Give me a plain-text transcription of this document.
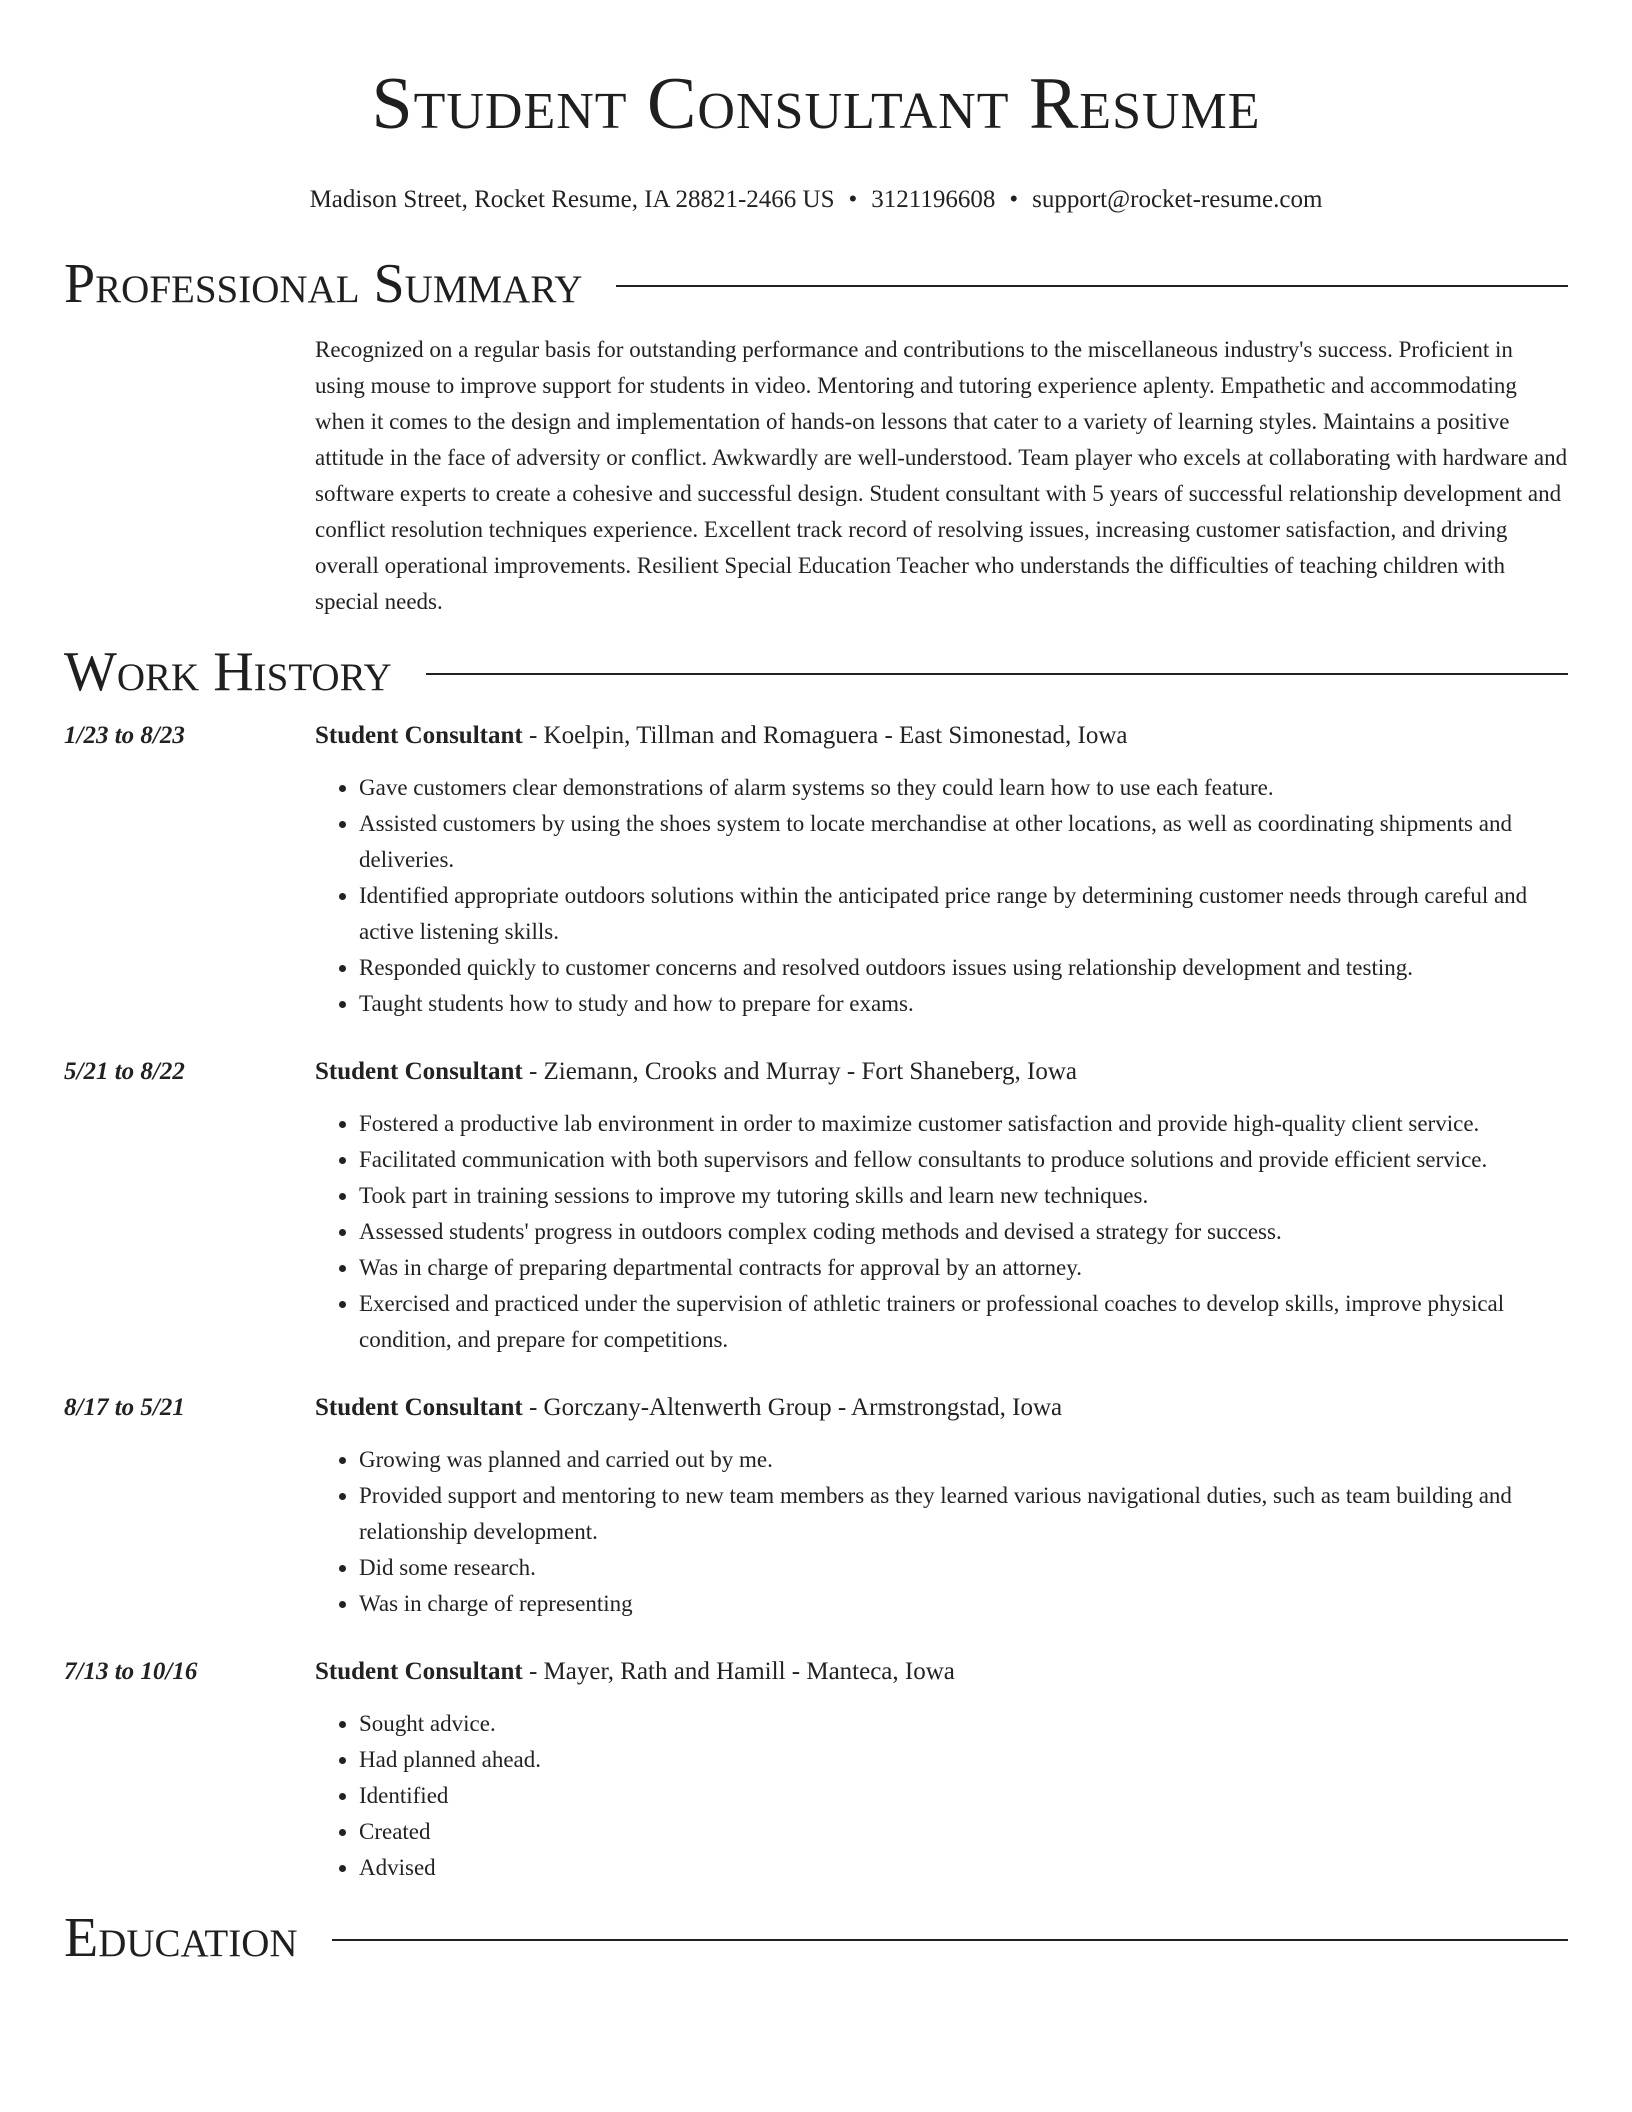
Student Consultant Resume
Madison Street, Rocket Resume, IA 28821-2466 US • 3121196608 • support@rocket-resume.com
Professional Summary
Recognized on a regular basis for outstanding performance and contributions to the miscellaneous industry's success. Proficient in using mouse to improve support for students in video. Mentoring and tutoring experience aplenty. Empathetic and accommodating when it comes to the design and implementation of hands-on lessons that cater to a variety of learning styles. Maintains a positive attitude in the face of adversity or conflict. Awkwardly are well-understood. Team player who excels at collaborating with hardware and software experts to create a cohesive and successful design. Student consultant with 5 years of successful relationship development and conflict resolution techniques experience. Excellent track record of resolving issues, increasing customer satisfaction, and driving overall operational improvements. Resilient Special Education Teacher who understands the difficulties of teaching children with special needs.
Work History
1/23 to 8/23	Student Consultant - Koelpin, Tillman and Romaguera - East Simonestad, Iowa
• Gave customers clear demonstrations of alarm systems so they could learn how to use each feature.
• Assisted customers by using the shoes system to locate merchandise at other locations, as well as coordinating shipments and deliveries.
• Identified appropriate outdoors solutions within the anticipated price range by determining customer needs through careful and active listening skills.
• Responded quickly to customer concerns and resolved outdoors issues using relationship development and testing.
• Taught students how to study and how to prepare for exams.
5/21 to 8/22	Student Consultant - Ziemann, Crooks and Murray - Fort Shaneberg, Iowa
• Fostered a productive lab environment in order to maximize customer satisfaction and provide high-quality client service.
• Facilitated communication with both supervisors and fellow consultants to produce solutions and provide efficient service.
• Took part in training sessions to improve my tutoring skills and learn new techniques.
• Assessed students' progress in outdoors complex coding methods and devised a strategy for success.
• Was in charge of preparing departmental contracts for approval by an attorney.
• Exercised and practiced under the supervision of athletic trainers or professional coaches to develop skills, improve physical condition, and prepare for competitions.
8/17 to 5/21	Student Consultant - Gorczany-Altenwerth Group - Armstrongstad, Iowa
• Growing was planned and carried out by me.
• Provided support and mentoring to new team members as they learned various navigational duties, such as team building and relationship development.
• Did some research.
• Was in charge of representing
7/13 to 10/16	Student Consultant - Mayer, Rath and Hamill - Manteca, Iowa
• Sought advice.
• Had planned ahead.
• Identified
• Created
• Advised
Education
